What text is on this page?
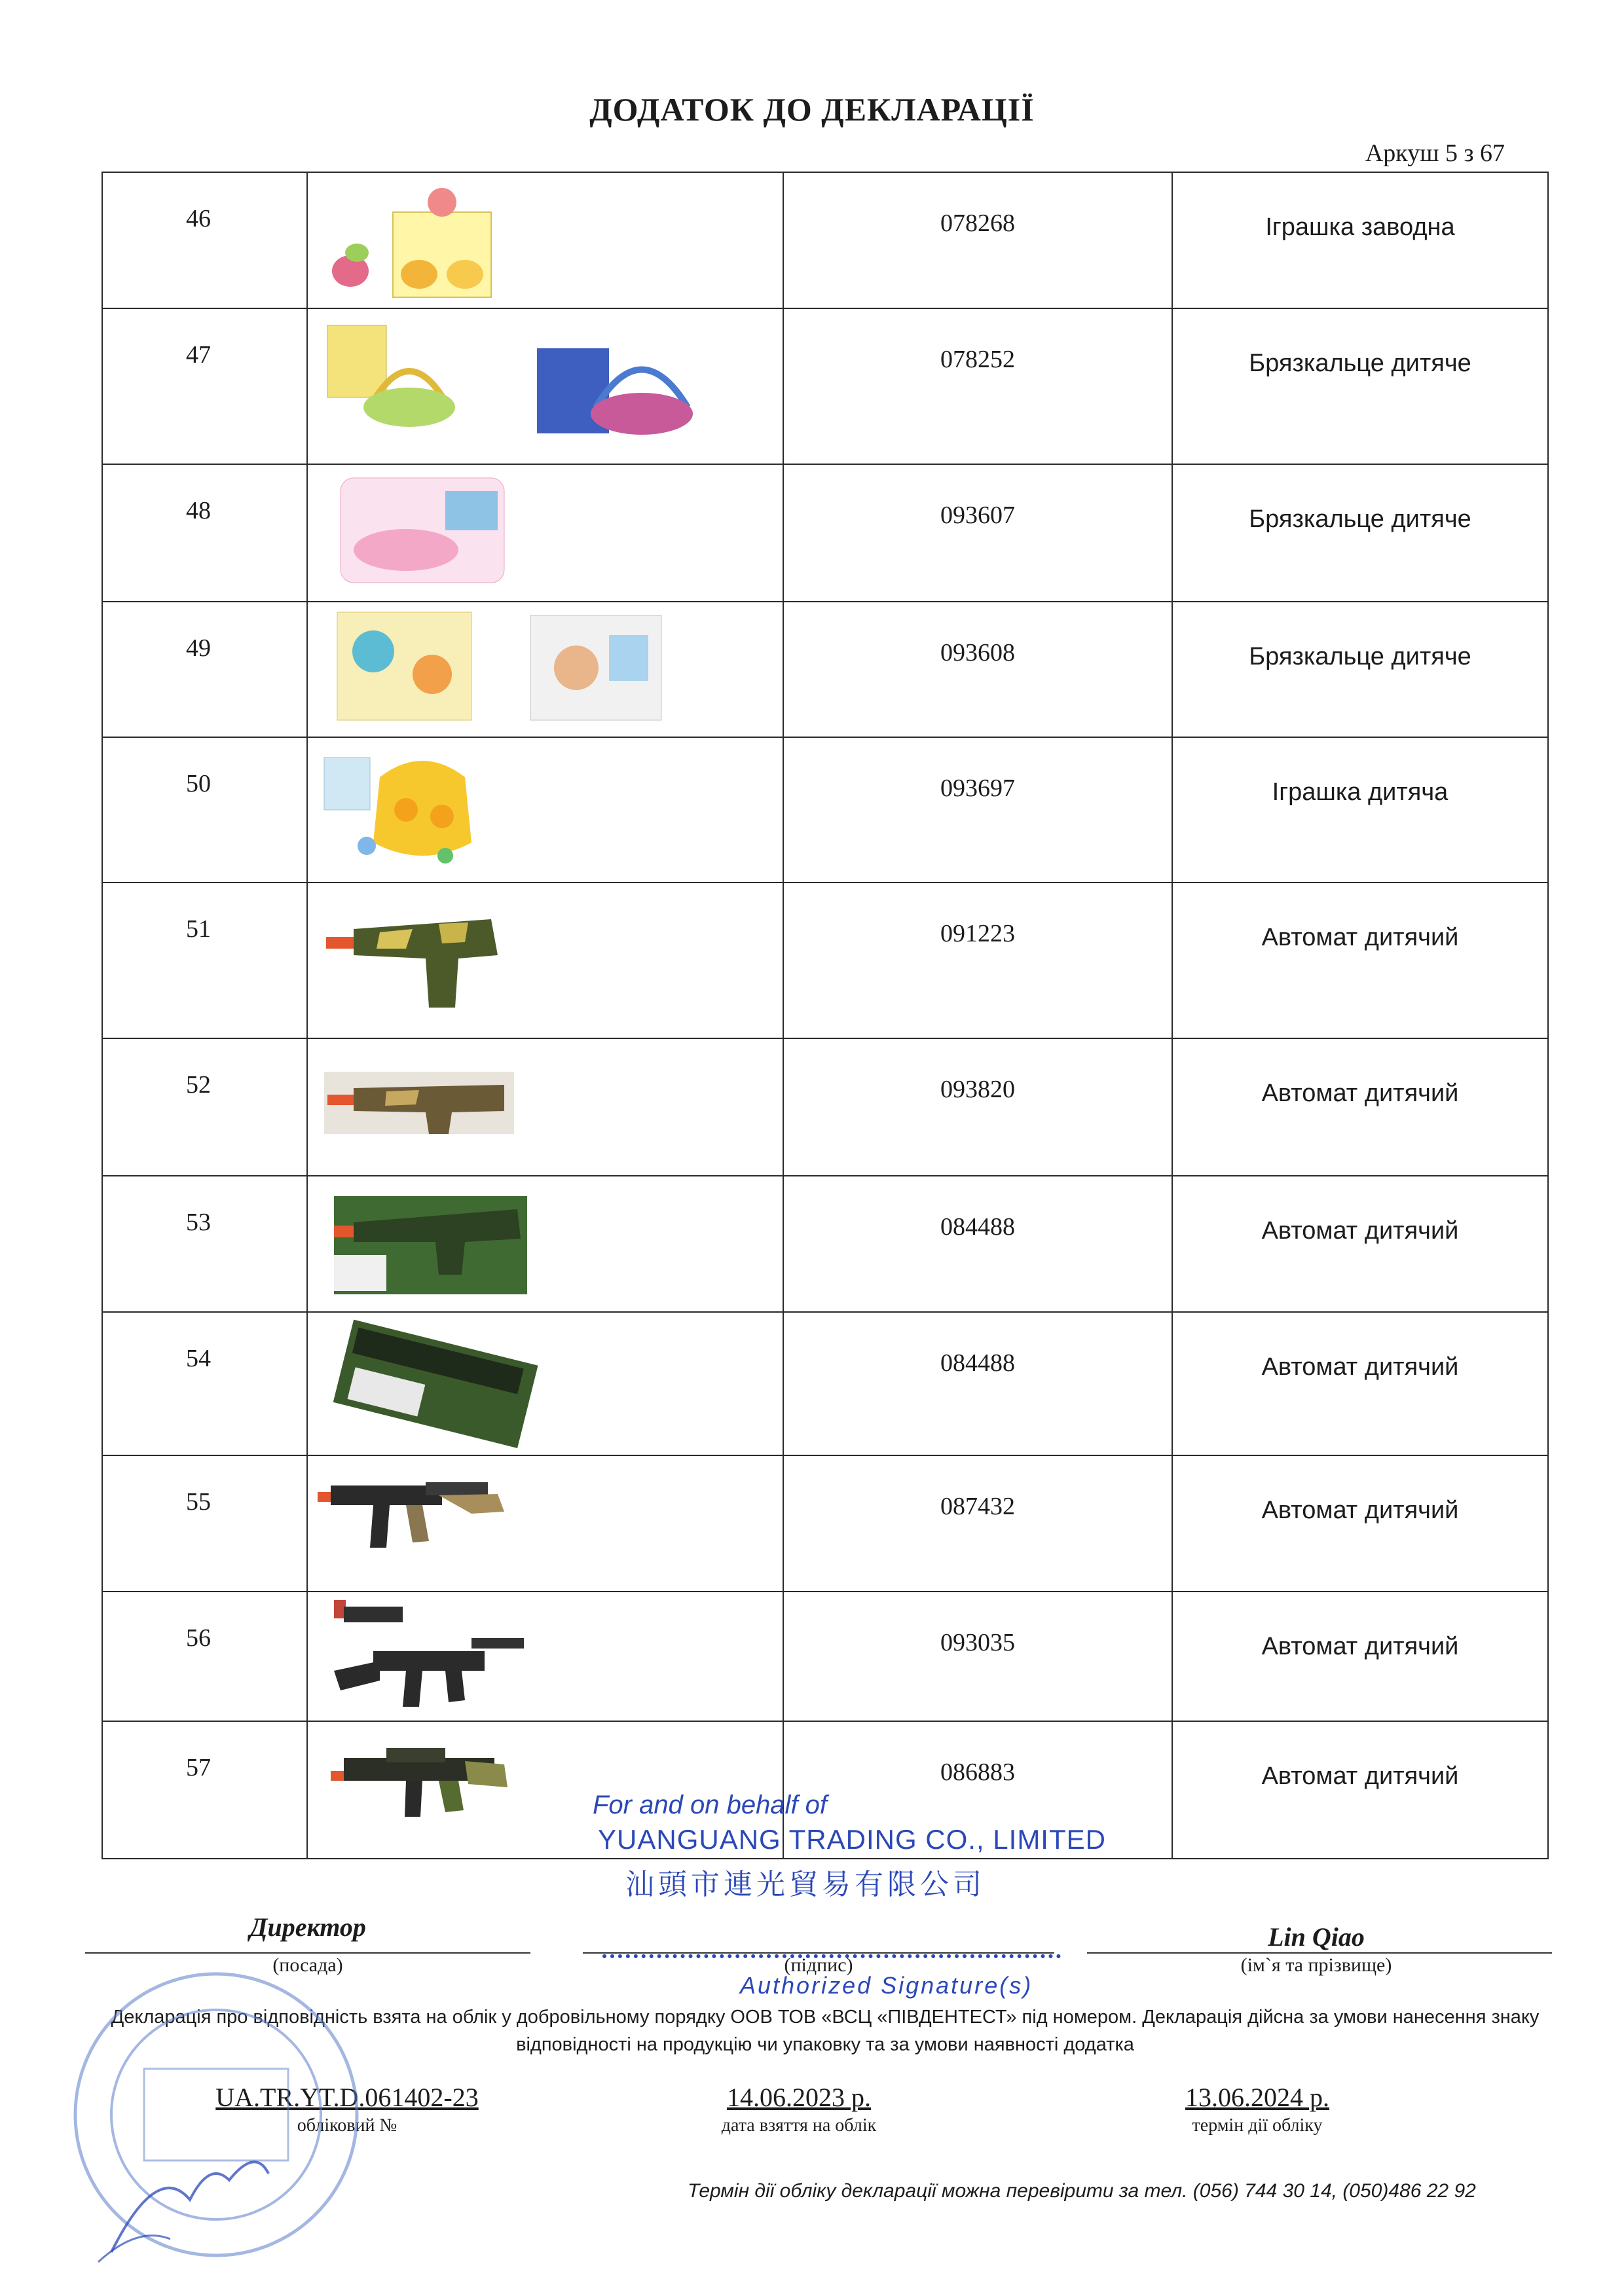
ДОДАТОК ДО ДЕКЛАРАЦІЇ
Аркуш 5 з 67
46		078268	Іграшка заводна
47		078252	Брязкальце дитяче
48		093607	Брязкальце дитяче
49		093608	Брязкальце дитяче
50		093697	Іграшка дитяча
51		091223	Автомат дитячий
52		093820	Автомат дитячий
53		084488	Автомат дитячий
54		084488	Автомат дитячий
55		087432	Автомат дитячий
56		093035	Автомат дитячий
57		086883	Автомат дитячий
For and on behalf of
YUANGUANG TRADING CO., LIMITED
汕頭市連光貿易有限公司
Директор
(посада)	(підпис)
Authorized Signature(s)
Lin Qiao
(ім`я та прізвище)
Декларація про відповідність взята на облік у добровільному порядку ООВ ТОВ «ВСЦ «ПІВДЕНТЕСТ» під номером. Декларація дійсна за умови нанесення знаку відповідності на продукцію чи упаковку та за умови наявності додатка
UA.TR.YT.D.061402-23
обліковий №
14.06.2023 р.
дата взяття на облік
13.06.2024 р.
термін дії обліку
Термін дії обліку декларації можна перевірити за тел. (056) 744 30 14, (050)486 22 92
